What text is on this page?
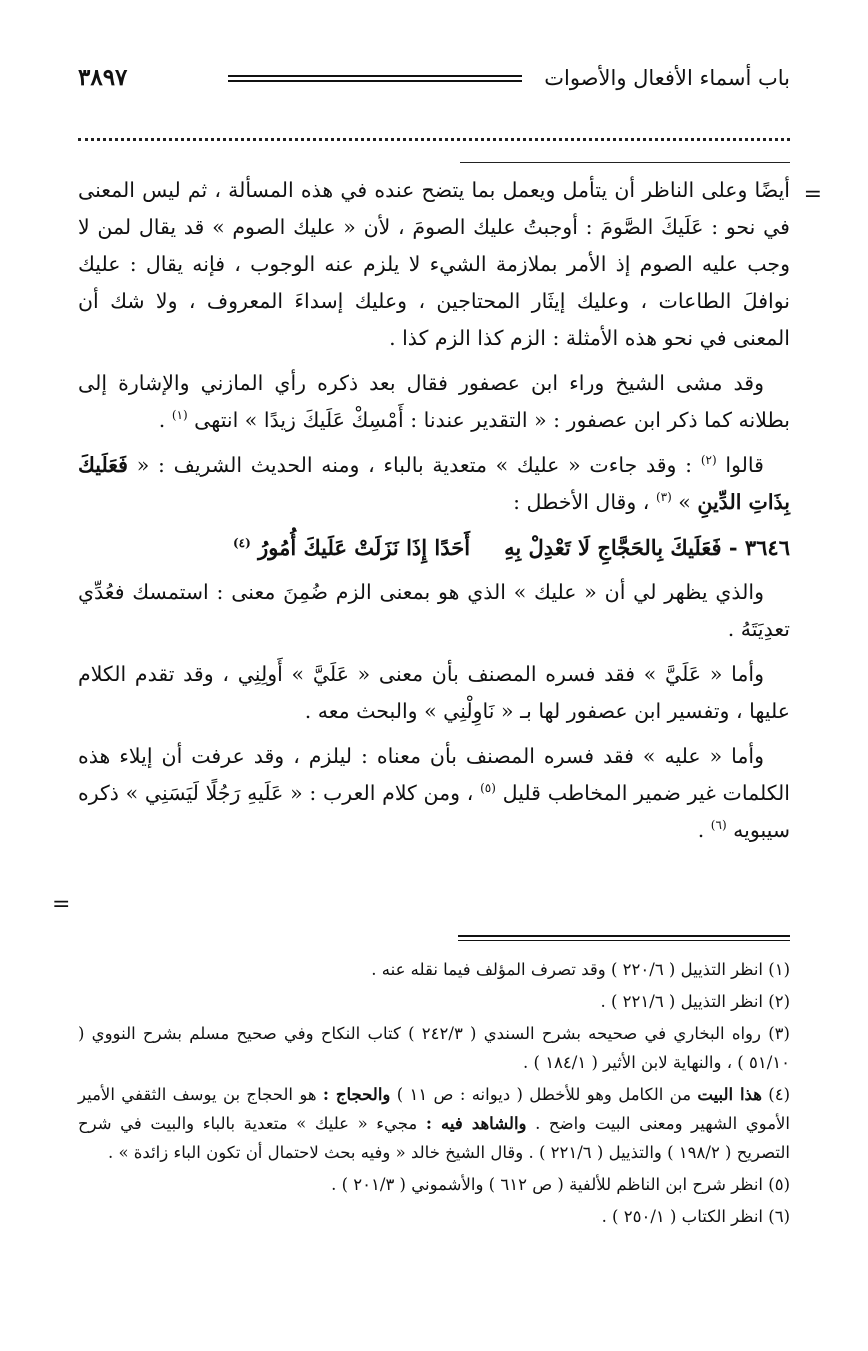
باب أسماء الأفعال والأصوات
٣٨٩٧
=

أيضًا وعلى الناظر أن يتأمل ويعمل بما يتضح عنده في هذه المسألة ، ثم ليس المعنى في نحو : عَلَيكَ الصَّومَ : أوجبتُ عليك الصومَ ، لأن « عليك الصوم » قد يقال لمن لا وجب عليه الصوم إذ الأمر بملازمة الشيء لا يلزم عنه الوجوب ، فإنه يقال : عليك نوافلَ الطاعات ، وعليك إيثَار المحتاجين ، وعليك إسداءَ المعروف ، ولا شك أن المعنى في نحو هذه الأمثلة : الزم كذا الزم كذا .

وقد مشى الشيخ وراء ابن عصفور فقال بعد ذكره رأي المازني والإشارة إلى بطلانه كما ذكر ابن عصفور : « التقدير عندنا : أَمْسِكْ عَلَيكَ زيدًا » انتهى $^{(١)}$ .

قالوا $^{(٢)}$ : وقد جاءت « عليك » متعدية بالباء ، ومنه الحديث الشريف : « فَعَلَيكَ بِذَاتِ الدِّينِ » $^{(٣)}$ ، وقال الأخطل :

٣٦٤٦ - فَعَلَيكَ بِالحَجَّاجِ لَا تَعْدِلْ بِهِ
أَحَدًا إِذَا نَزَلَتْ عَلَيكَ أُمُورُ $^{(٤)}$

والذي يظهر لي أن « عليك » الذي هو بمعنى الزم ضُمِنَ معنى : استمسك فعُدِّي تعدِيَتَهُ .

وأما « عَلَيَّ » فقد فسره المصنف بأن معنى « عَلَيَّ » أَولِنِي ، وقد تقدم الكلام عليها ، وتفسير ابن عصفور لها بـ « نَاوِلْنِي » والبحث معه .

وأما « عليه » فقد فسره المصنف بأن معناه : ليلزم ، وقد عرفت أن إيلاء هذه الكلمات غير ضمير المخاطب قليل $^{(٥)}$ ، ومن كلام العرب : « عَلَيهِ رَجُلًا لَيَسَنِي » ذكره سيبويه $^{(٦)}$ .

=

(١) انظر التذييل ( ٢٢٠/٦ ) وقد تصرف المؤلف فيما نقله عنه .

(٢) انظر التذييل ( ٢٢١/٦ ) .

(٣) رواه البخاري في صحيحه بشرح السندي ( ٢٤٢/٣ ) كتاب النكاح وفي صحيح مسلم بشرح النووي ( ٥١/١٠ ) ، والنهاية لابن الأثير ( ١٨٤/١ ) .

(٤) هذا البيت من الكامل وهو للأخطل ( ديوانه : ص ١١ ) والحجاج : هو الحجاج بن يوسف الثقفي الأمير الأموي الشهير ومعنى البيت واضح . والشاهد فيه : مجيء « عليك » متعدية بالباء والبيت في شرح التصريح ( ١٩٨/٢ ) والتذييل ( ٢٢١/٦ ) . وقال الشيخ خالد « وفيه بحث لاحتمال أن تكون الباء زائدة » .

(٥) انظر شرح ابن الناظم للألفية ( ص ٦١٢ ) والأشموني ( ٢٠١/٣ ) .

(٦) انظر الكتاب ( ٢٥٠/١ ) .
